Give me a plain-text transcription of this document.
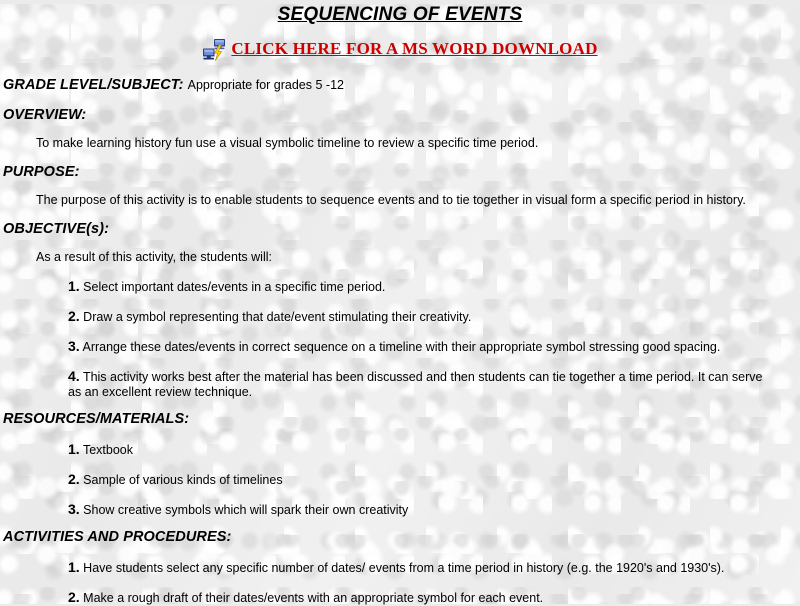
SEQUENCING OF EVENTS
CLICK HERE FOR A MS WORD DOWNLOAD
GRADE LEVEL/SUBJECT: Appropriate for grades 5 -12
OVERVIEW:
To make learning history fun use a visual symbolic timeline to review a specific time period.
PURPOSE:
The purpose of this activity is to enable students to sequence events and to tie together in visual form a specific period in history.
OBJECTIVE(s):
As a result of this activity, the students will:
1. Select important dates/events in a specific time period.
2. Draw a symbol representing that date/event stimulating their creativity.
3. Arrange these dates/events in correct sequence on a timeline with their appropriate symbol stressing good spacing.
4. This activity works best after the material has been discussed and then students can tie together a time period. It can serve as an excellent review technique.
RESOURCES/MATERIALS:
1. Textbook
2. Sample of various kinds of timelines
3. Show creative symbols which will spark their own creativity
ACTIVITIES AND PROCEDURES:
1. Have students select any specific number of dates/ events from a time period in history (e.g. the 1920's and 1930's).
2. Make a rough draft of their dates/events with an appropriate symbol for each event.
